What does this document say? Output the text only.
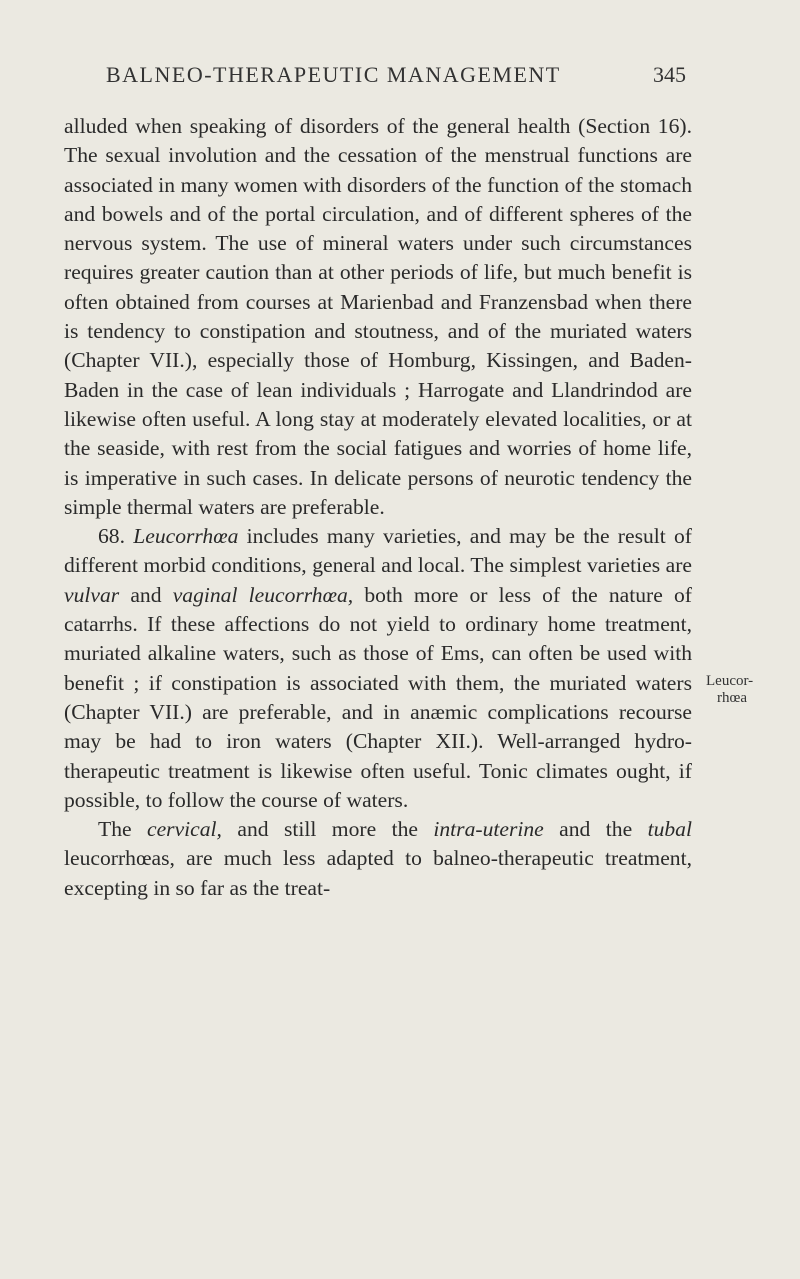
BALNEO-THERAPEUTIC MANAGEMENT	345

alluded when speaking of disorders of the general health (Section 16). The sexual involution and the cessation of the menstrual functions are associated in many women with disorders of the function of the stomach and bowels and of the portal circulation, and of different spheres of the nervous system. The use of mineral waters under such circumstances requires greater caution than at other periods of life, but much benefit is often obtained from courses at Marienbad and Franzensbad when there is tendency to constipation and stoutness, and of the muriated waters (Chapter VII.), especially those of Homburg, Kissingen, and Baden-Baden in the case of lean individuals ; Harrogate and Llandrindod are likewise often useful. A long stay at moderately elevated localities, or at the seaside, with rest from the social fatigues and worries of home life, is imperative in such cases. In delicate persons of neurotic tendency the simple thermal waters are preferable.

68. Leucorrhœa includes many varieties, and may be the result of different morbid conditions, general and local. The simplest varieties are vulvar and vaginal leucorrhœa, both more or less of the nature of catarrhs. If these affections do not yield to ordinary home treatment, muriated alkaline waters, such as those of Ems, can often be used with benefit ; if constipation is associated with them, the muriated waters (Chapter VII.) are preferable, and in anæmic complications recourse may be had to iron waters (Chapter XII.). Well-arranged hydro-therapeutic treatment is likewise often useful. Tonic climates ought, if possible, to follow the course of waters.

The cervical, and still more the intra-uterine and the tubal leucorrhœas, are much less adapted to balneo-therapeutic treatment, excepting in so far as the treat-

Leucor-
rhœa
